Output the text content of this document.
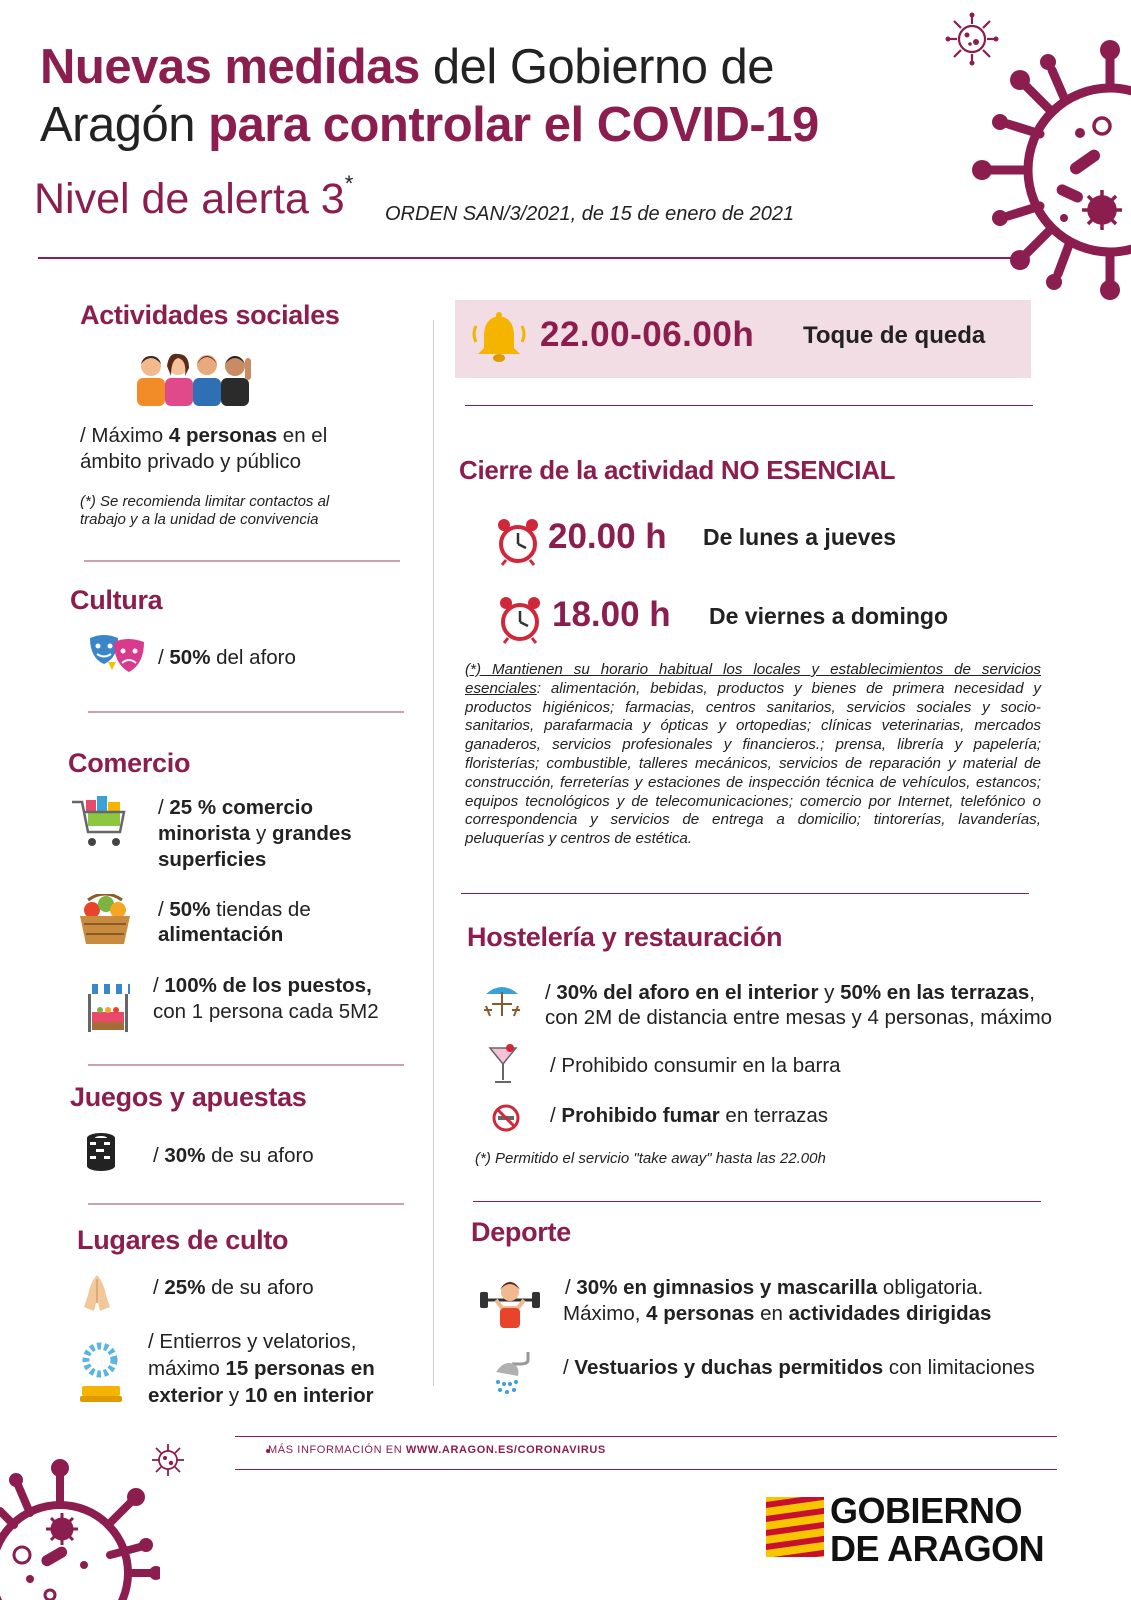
Nuevas medidas del Gobierno de
Aragón para controlar el COVID-19
Nivel de alerta 3*
ORDEN SAN/3/2021, de 15 de enero de 2021
Actividades sociales
/ Máximo 4 personas en el
ámbito privado y público
(*) Se recomienda limitar contactos al
trabajo y a la unidad de convivencia
Cultura
/ 50% del aforo
Comercio
/ 25 % comercio
minorista y grandes
superficies
/ 50% tiendas de
alimentación
/ 100% de los puestos,
con 1 persona cada 5M2
Juegos y apuestas
/ 30% de su aforo
Lugares de culto
/ 25% de su aforo
/ Entierros y velatorios,
máximo 15 personas en
exterior y 10 en interior
22.00-06.00h Toque de queda
Cierre de la actividad NO ESENCIAL
20.00 h De lunes a jueves
18.00 h De viernes a domingo
(*) Mantienen su horario habitual los locales y establecimientos de servicios esenciales: alimentación, bebidas, productos y bienes de primera necesidad y productos higiénicos; farmacias, centros sanitarios, servicios sociales y socio-sanitarios, parafarmacia y ópticas y ortopedias; clínicas veterinarias, mercados ganaderos, servicios profesionales y financieros.; prensa, librería y papelería; floristerías; combustible, talleres mecánicos, servicios de reparación y material de construcción, ferreterías y estaciones de inspección técnica de vehículos, estancos; equipos tecnológicos y de telecomunicaciones; comercio por Internet, telefónico o correspondencia y servicios de entrega a domicilio; tintorerías, lavanderías, peluquerías y centros de estética.
Hostelería y restauración
/ 30% del aforo en el interior y 50% en las terrazas,
con 2M de distancia entre mesas y 4 personas, máximo
/ Prohibido consumir en la barra
/ Prohibido fumar en terrazas
(*) Permitido el servicio "take away" hasta las 22.00h
Deporte
/ 30% en gimnasios y mascarilla obligatoria.
Máximo, 4 personas en actividades dirigidas
/ Vestuarios y duchas permitidos con limitaciones
MÁS INFORMACIÓN EN WWW.ARAGON.ES/CORONAVIRUS
GOBIERNO
DE ARAGON
